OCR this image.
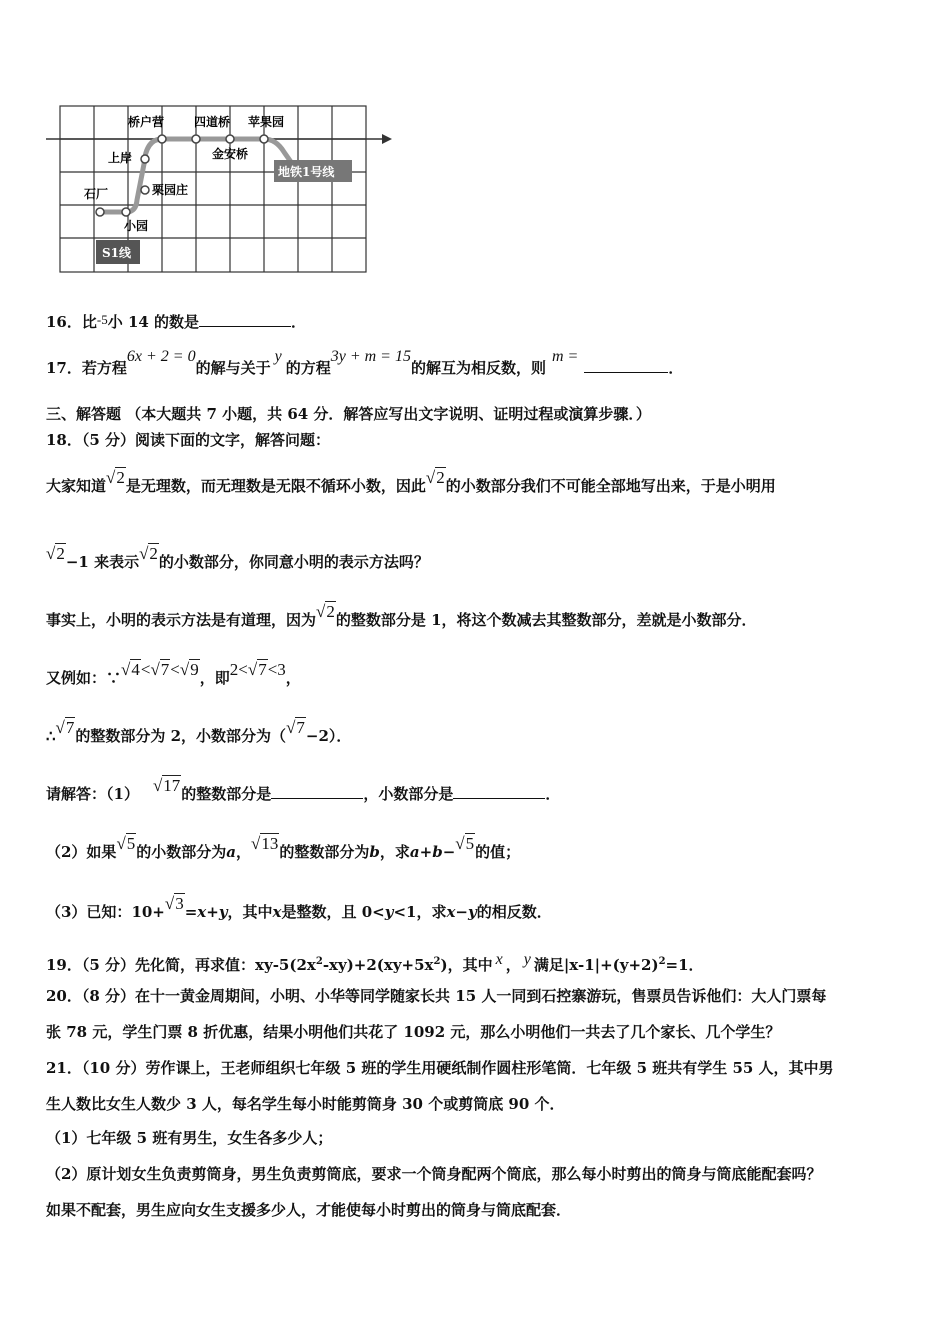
桥户营 四道桥 苹果园
上岸	金安桥
栗园庄
石厂
小园
地铁1号线
S1线
16．比-5小 14 的数是	．
17．若方程6x + 2 = 0的解与关于y的方程3y + m = 15的解互为相反数，则m =．
三、解答题 （本大题共 7 小题，共 64 分．解答应写出文字说明、证明过程或演算步骤．）
18．（5 分）阅读下面的文字，解答问题：
大家知道√2是无理数，而无理数是无限不循环小数，因此√2的小数部分我们不可能全部地写出来，于是小明用
√2−1 来表示√2的小数部分，你同意小明的表示方法吗？
事实上，小明的表示方法是有道理，因为√2的整数部分是 1，将这个数减去其整数部分，差就是小数部分．
又例如：∵√4<√7<√9，即2<√7<3，
∴√7的整数部分为 2，小数部分为（√7−2）．
请解答：（1） √17的整数部分是	，小数部分是	．
（2）如果√5的小数部分为a，√13的整数部分为b，求a+b−√5的值；
（3）已知：10+√3=x+y，其中x是整数，且 0<y<1，求x−y的相反数．
19．（5 分）先化简，再求值：$xy-5(2x^2-xy)+2(xy+5x^2)$，其中 x ， y 满足$|x-1|+(y+2)^2=1$．
20．（8 分）在十一黄金周期间，小明、小华等同学随家长共 15 人一同到石控寨游玩，售票员告诉他们：大人门票每
张 78 元，学生门票 8 折优惠，结果小明他们共花了 1092 元，那么小明他们一共去了几个家长、几个学生？
21．（10 分）劳作课上，王老师组织七年级 5 班的学生用硬纸制作圆柱形笔筒．七年级 5 班共有学生 55 人，其中男
生人数比女生人数少 3 人，每名学生每小时能剪筒身 30 个或剪筒底 90 个．
（1）七年级 5 班有男生，女生各多少人；
（2）原计划女生负责剪筒身，男生负责剪筒底，要求一个筒身配两个筒底，那么每小时剪出的筒身与筒底能配套吗？
如果不配套，男生应向女生支援多少人，才能使每小时剪出的筒身与筒底配套．
